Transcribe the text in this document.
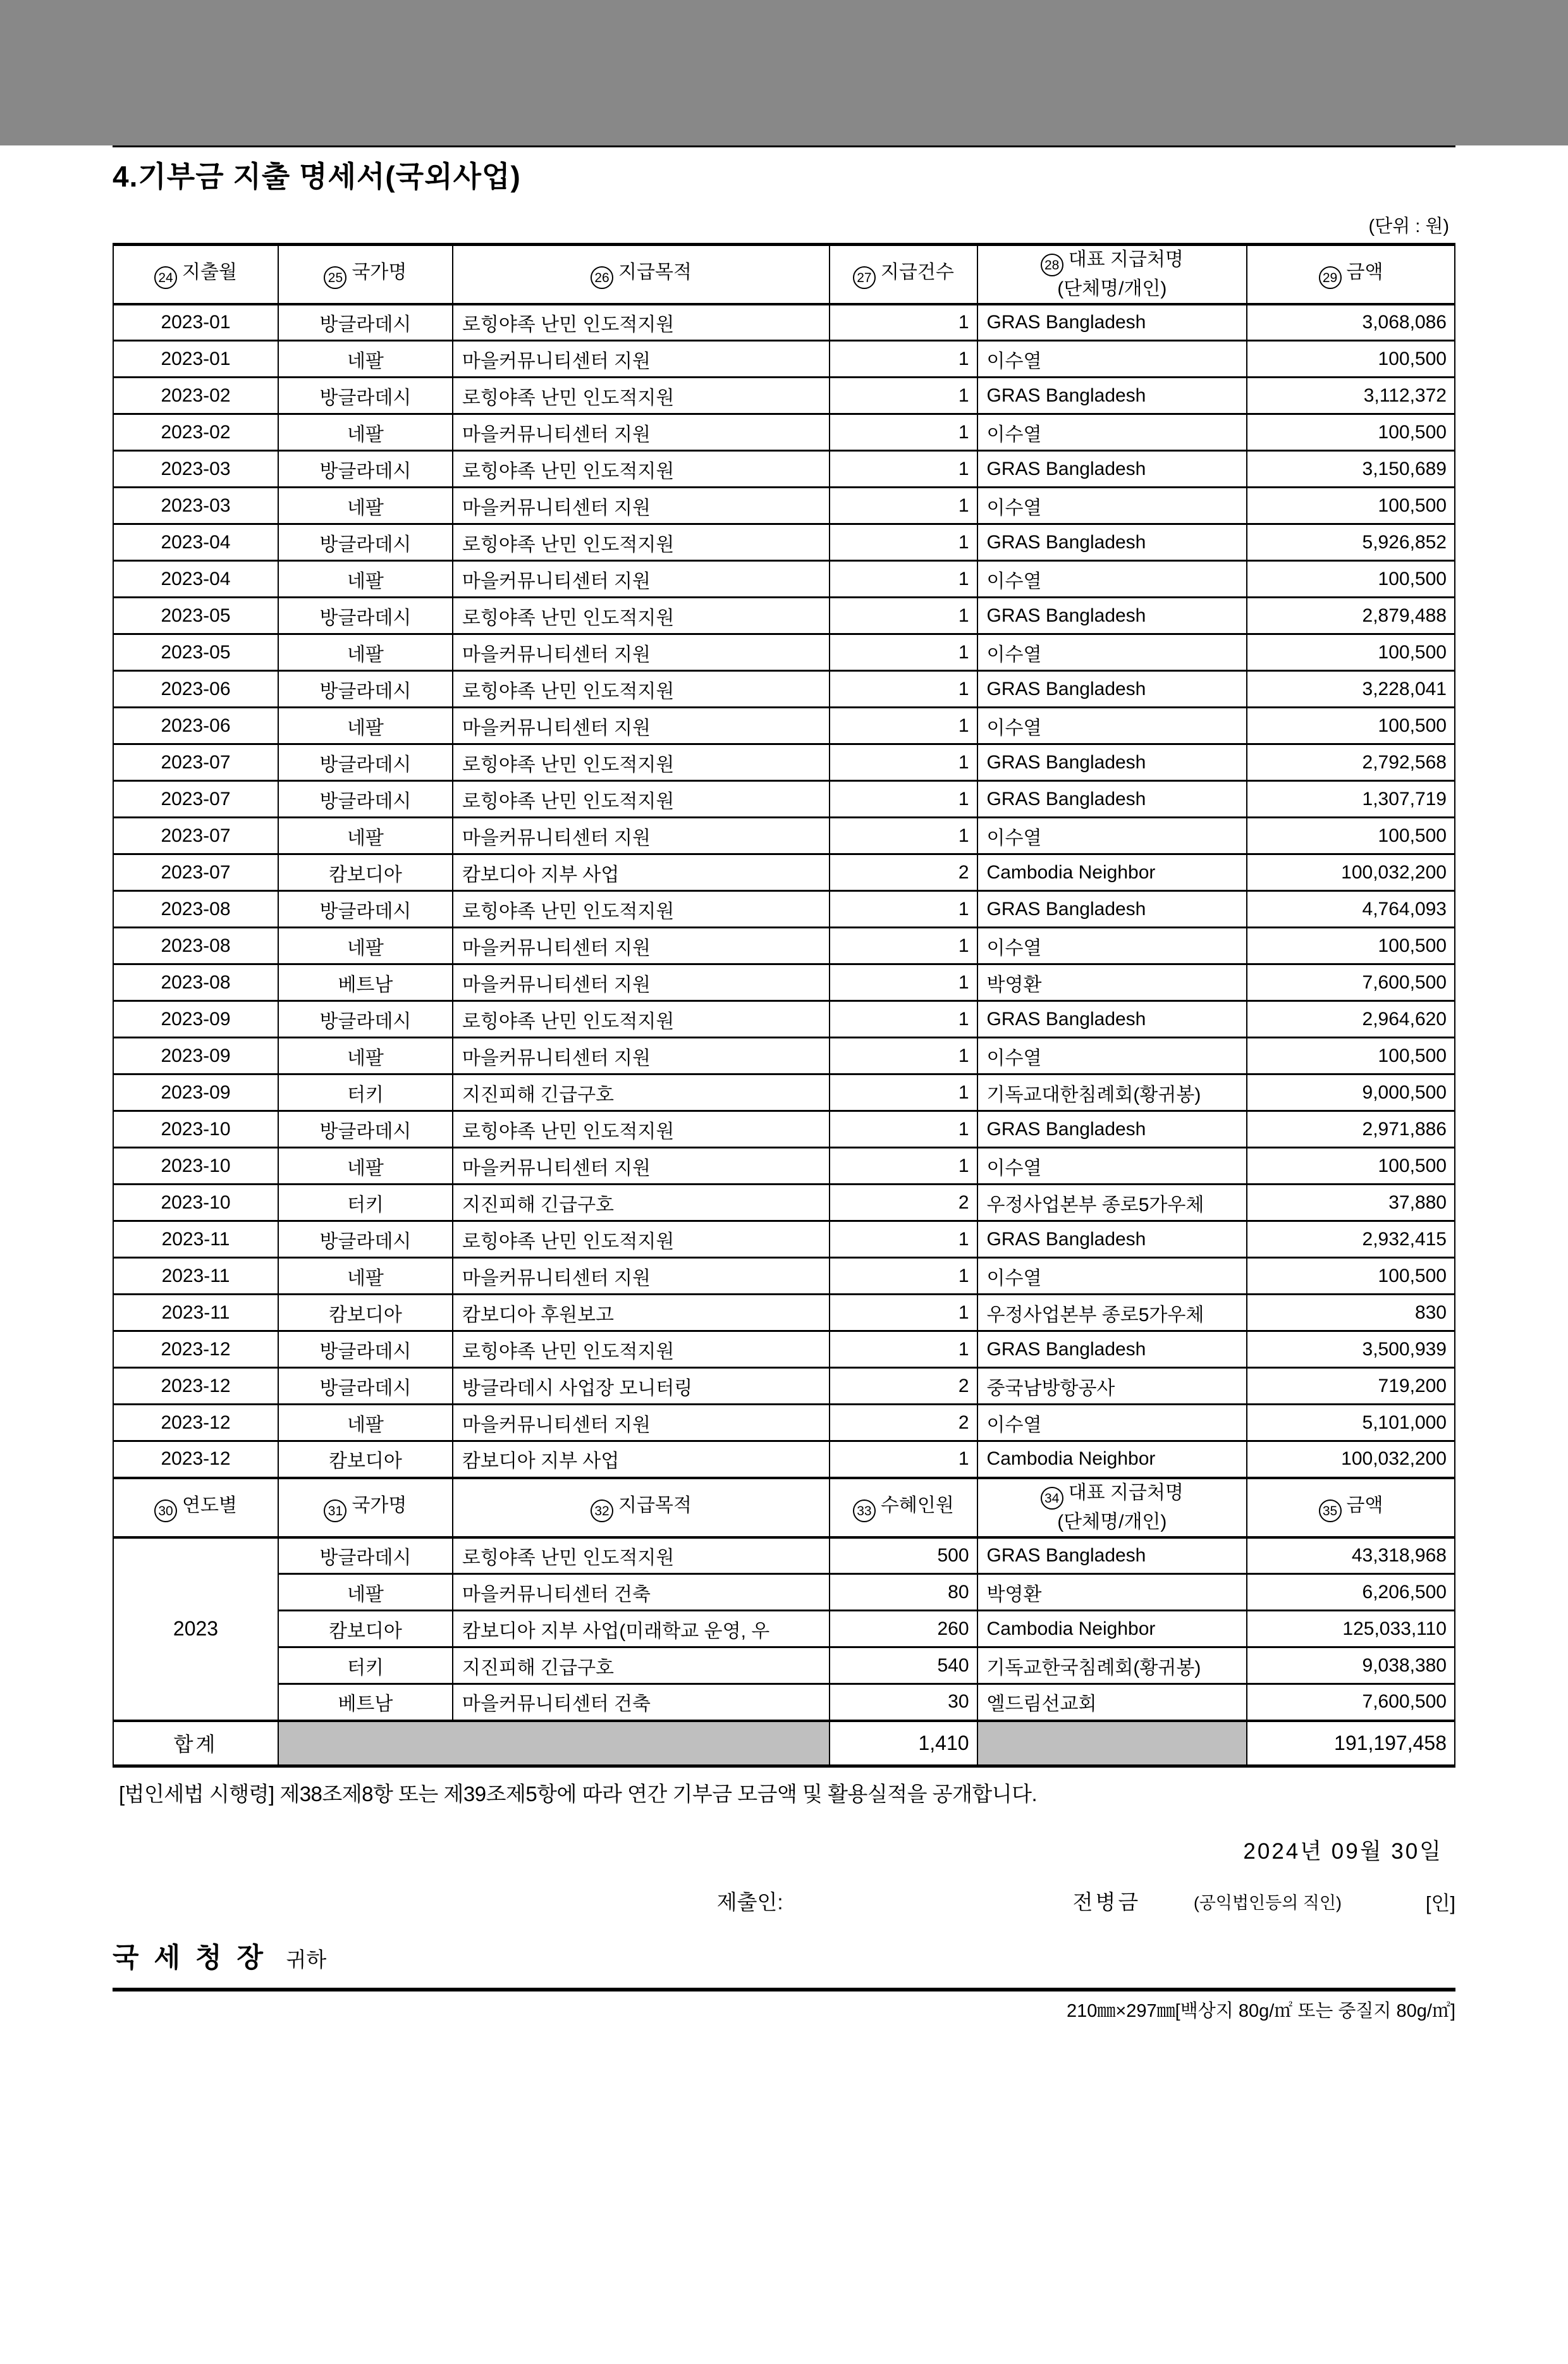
4.기부금 지출 명세서(국외사업)
(단위 : 원)
24 지출월	25 국가명	26 지급목적	27 지급건수	28 대표 지급처명
(단체명/개인)	29 금액
2023-01	방글라데시	로힝야족 난민 인도적지원	1	GRAS Bangladesh	3,068,086
2023-01	네팔	마을커뮤니티센터 지원	1	이수열	100,500
2023-02	방글라데시	로힝야족 난민 인도적지원	1	GRAS Bangladesh	3,112,372
2023-02	네팔	마을커뮤니티센터 지원	1	이수열	100,500
2023-03	방글라데시	로힝야족 난민 인도적지원	1	GRAS Bangladesh	3,150,689
2023-03	네팔	마을커뮤니티센터 지원	1	이수열	100,500
2023-04	방글라데시	로힝야족 난민 인도적지원	1	GRAS Bangladesh	5,926,852
2023-04	네팔	마을커뮤니티센터 지원	1	이수열	100,500
2023-05	방글라데시	로힝야족 난민 인도적지원	1	GRAS Bangladesh	2,879,488
2023-05	네팔	마을커뮤니티센터 지원	1	이수열	100,500
2023-06	방글라데시	로힝야족 난민 인도적지원	1	GRAS Bangladesh	3,228,041
2023-06	네팔	마을커뮤니티센터 지원	1	이수열	100,500
2023-07	방글라데시	로힝야족 난민 인도적지원	1	GRAS Bangladesh	2,792,568
2023-07	방글라데시	로힝야족 난민 인도적지원	1	GRAS Bangladesh	1,307,719
2023-07	네팔	마을커뮤니티센터 지원	1	이수열	100,500
2023-07	캄보디아	캄보디아 지부 사업	2	Cambodia Neighbor	100,032,200
2023-08	방글라데시	로힝야족 난민 인도적지원	1	GRAS Bangladesh	4,764,093
2023-08	네팔	마을커뮤니티센터 지원	1	이수열	100,500
2023-08	베트남	마을커뮤니티센터 지원	1	박영환	7,600,500
2023-09	방글라데시	로힝야족 난민 인도적지원	1	GRAS Bangladesh	2,964,620
2023-09	네팔	마을커뮤니티센터 지원	1	이수열	100,500
2023-09	터키	지진피해 긴급구호	1	기독교대한침례회(황귀봉)	9,000,500
2023-10	방글라데시	로힝야족 난민 인도적지원	1	GRAS Bangladesh	2,971,886
2023-10	네팔	마을커뮤니티센터 지원	1	이수열	100,500
2023-10	터키	지진피해 긴급구호	2	우정사업본부 종로5가우체	37,880
2023-11	방글라데시	로힝야족 난민 인도적지원	1	GRAS Bangladesh	2,932,415
2023-11	네팔	마을커뮤니티센터 지원	1	이수열	100,500
2023-11	캄보디아	캄보디아 후원보고	1	우정사업본부 종로5가우체	830
2023-12	방글라데시	로힝야족 난민 인도적지원	1	GRAS Bangladesh	3,500,939
2023-12	방글라데시	방글라데시 사업장 모니터링	2	중국남방항공사	719,200
2023-12	네팔	마을커뮤니티센터 지원	2	이수열	5,101,000
2023-12	캄보디아	캄보디아 지부 사업	1	Cambodia Neighbor	100,032,200
30 연도별	31 국가명	32 지급목적	33 수혜인원	34 대표 지급처명
(단체명/개인)	35 금액
2023	방글라데시	로힝야족 난민 인도적지원	500	GRAS Bangladesh	43,318,968
	네팔	마을커뮤니티센터 건축	80	박영환	6,206,500
	캄보디아	캄보디아 지부 사업(미래학교 운영, 우	260	Cambodia Neighbor	125,033,110
	터키	지진피해 긴급구호	540	기독교한국침례회(황귀봉)	9,038,380
	베트남	마을커뮤니티센터 건축	30	엘드림선교회	7,600,500
합계			1,410		191,197,458

[법인세법 시행령] 제38조제8항 또는 제39조제5항에 따라 연간 기부금 모금액 및 활용실적을 공개합니다.

2024년 09월 30일

제출인:	전병금	(공익법인등의 직인)	[인]
국 세 청 장 귀하

210㎜×297㎜[백상지 80g/㎡ 또는 중질지 80g/㎡]
